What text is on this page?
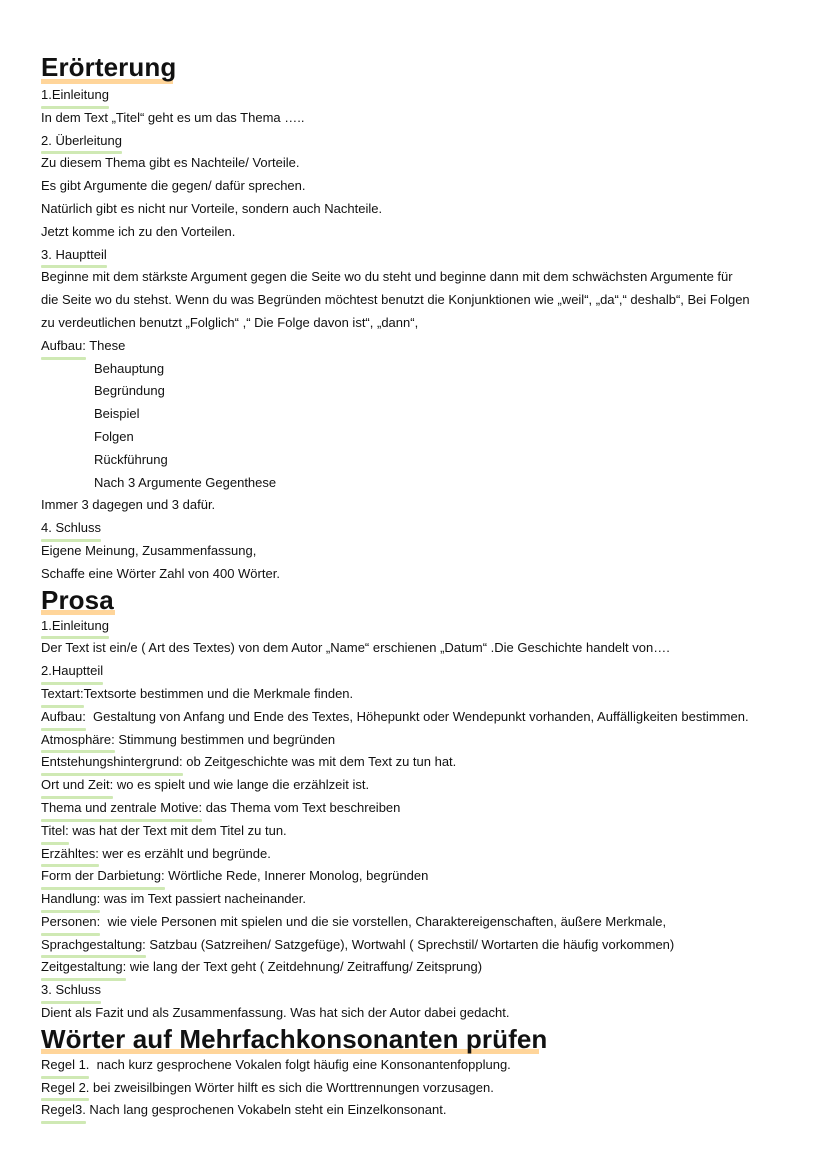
Erörterung
1.Einleitung
In dem Text „Titel“ geht es um das Thema …..
2. Überleitung
Zu diesem Thema gibt es Nachteile/ Vorteile.
Es gibt Argumente die gegen/ dafür sprechen.
Natürlich gibt es nicht nur Vorteile, sondern auch Nachteile.
Jetzt komme ich zu den Vorteilen.
3. Hauptteil
Beginne mit dem stärkste Argument gegen die Seite wo du steht und beginne dann mit dem schwächsten Argumente für
die Seite wo du stehst. Wenn du was Begründen möchtest benutzt die Konjunktionen wie „weil“, „da“,“ deshalb“, Bei Folgen
zu verdeutlichen benutzt „Folglich“ ,“ Die Folge davon ist“, „dann“,
Aufbau: These
Behauptung
Begründung
Beispiel
Folgen
Rückführung
Nach 3 Argumente Gegenthese
Immer 3 dagegen und 3 dafür.
4. Schluss
Eigene Meinung, Zusammenfassung,
Schaffe eine Wörter Zahl von 400 Wörter.
Prosa
1.Einleitung
Der Text ist ein/e ( Art des Textes) von dem Autor „Name“ erschienen „Datum“ .Die Geschichte handelt von….
2.Hauptteil
Textart:Textsorte bestimmen und die Merkmale finden.
Aufbau:  Gestaltung von Anfang und Ende des Textes, Höhepunkt oder Wendepunkt vorhanden, Auffälligkeiten bestimmen.
Atmosphäre: Stimmung bestimmen und begründen
Entstehungshintergrund: ob Zeitgeschichte was mit dem Text zu tun hat.
Ort und Zeit: wo es spielt und wie lange die erzählzeit ist.
Thema und zentrale Motive: das Thema vom Text beschreiben
Titel: was hat der Text mit dem Titel zu tun.
Erzähltes: wer es erzählt und begründe.
Form der Darbietung: Wörtliche Rede, Innerer Monolog, begründen
Handlung: was im Text passiert nacheinander.
Personen:  wie viele Personen mit spielen und die sie vorstellen, Charaktereigenschaften, äußere Merkmale,
Sprachgestaltung: Satzbau (Satzreihen/ Satzgefüge), Wortwahl ( Sprechstil/ Wortarten die häufig vorkommen)
Zeitgestaltung: wie lang der Text geht ( Zeitdehnung/ Zeitraffung/ Zeitsprung)
3. Schluss
Dient als Fazit und als Zusammenfassung. Was hat sich der Autor dabei gedacht.
Wörter auf Mehrfachkonsonanten prüfen
Regel 1.  nach kurz gesprochene Vokalen folgt häufig eine Konsonantenfopplung.
Regel 2. bei zweisilbingen Wörter hilft es sich die Worttrennungen vorzusagen.
Regel3. Nach lang gesprochenen Vokabeln steht ein Einzelkonsonant.
